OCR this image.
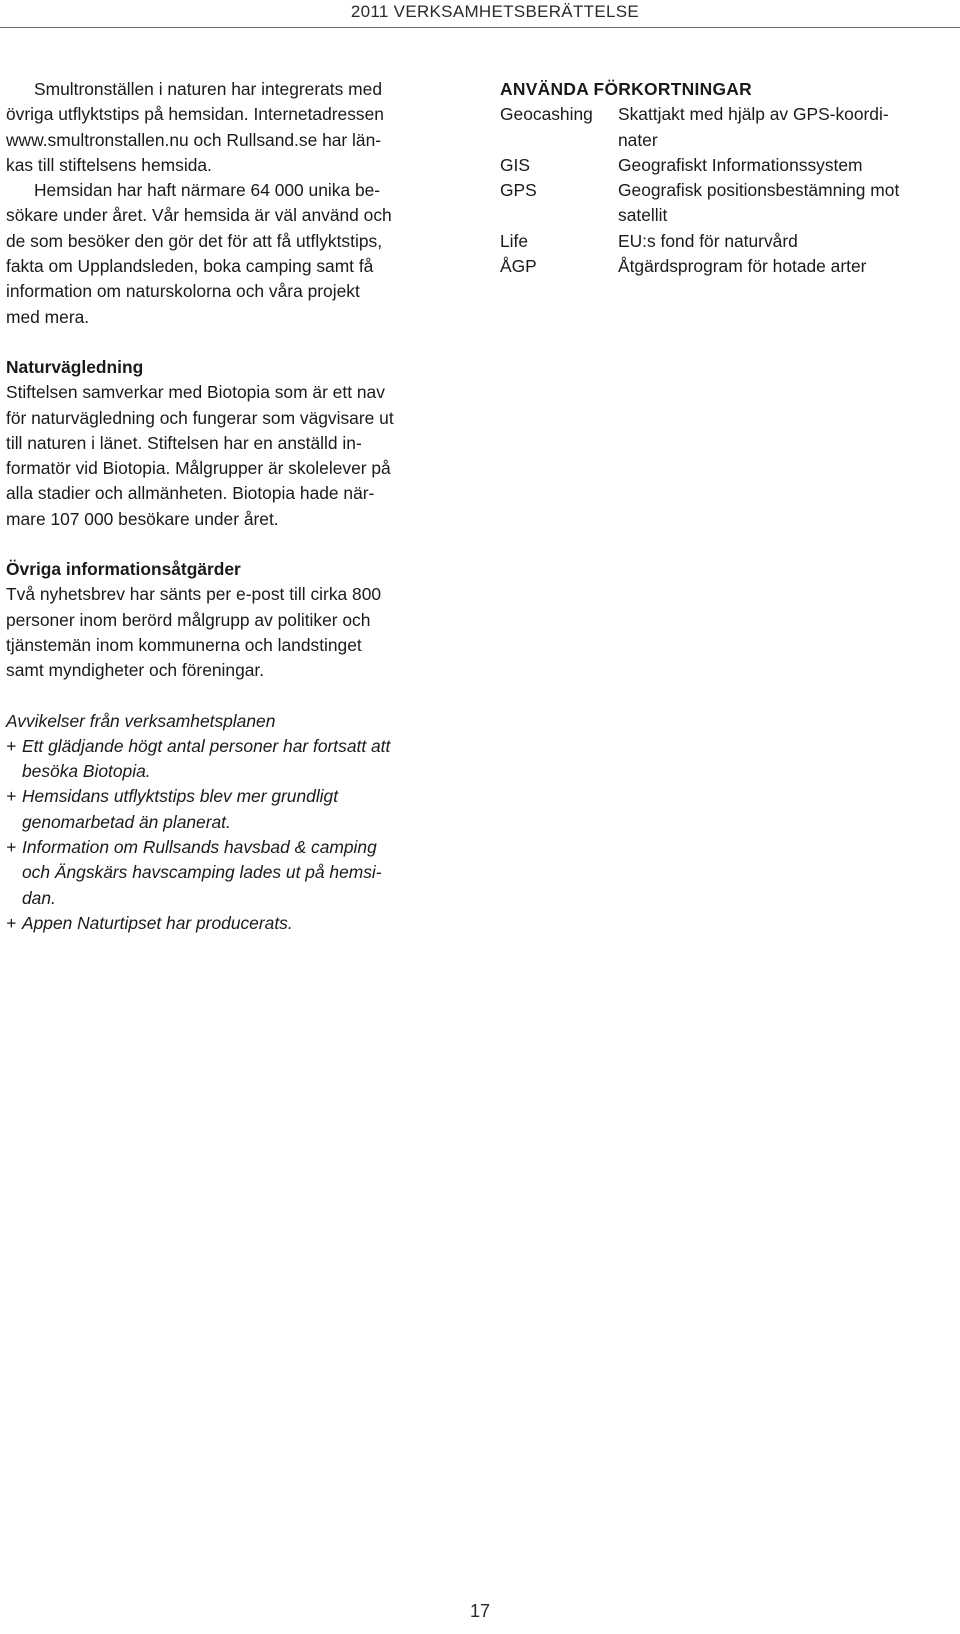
2011 VERKSAMHETSBERÄTTELSE

Smultronställen i naturen har integrerats med
övriga utflyktstips på hemsidan. Internetadressen
www.smultronstallen.nu och Rullsand.se har län-
kas till stiftelsens hemsida.

Hemsidan har haft närmare 64 000 unika be-
sökare under året. Vår hemsida är väl använd och
de som besöker den gör det för att få utflyktstips,
fakta om Upplandsleden, boka camping samt få
information om naturskolorna och våra projekt
med mera.

Naturvägledning

Stiftelsen samverkar med Biotopia som är ett nav
för naturvägledning och fungerar som vägvisare ut
till naturen i länet. Stiftelsen har en anställd in-
formatör vid Biotopia. Målgrupper är skolelever på
alla stadier och allmänheten. Biotopia hade när-
mare 107 000 besökare under året.

Övriga informationsåtgärder

Två nyhetsbrev har sänts per e-post till cirka 800
personer inom berörd målgrupp av politiker och
tjänstemän inom kommunerna och landstinget
samt myndigheter och föreningar.

Avvikelser från verksamhetsplanen

+ Ett glädjande högt antal personer har fortsatt att
besöka Biotopia.
+ Hemsidans utflyktstips blev mer grundligt
genomarbetad än planerat.
+ Information om Rullsands havsbad & camping
och Ängskärs havscamping lades ut på hemsi-
dan.
+ Appen Naturtipset har producerats.

ANVÄNDA FÖRKORTNINGAR

Geocashing	Skattjakt med hjälp av GPS-koordi-
nater
GIS	Geografiskt Informationssystem
GPS	Geografisk positionsbestämning mot
satellit
Life	EU:s fond för naturvård
ÅGP	Åtgärdsprogram för hotade arter
17
